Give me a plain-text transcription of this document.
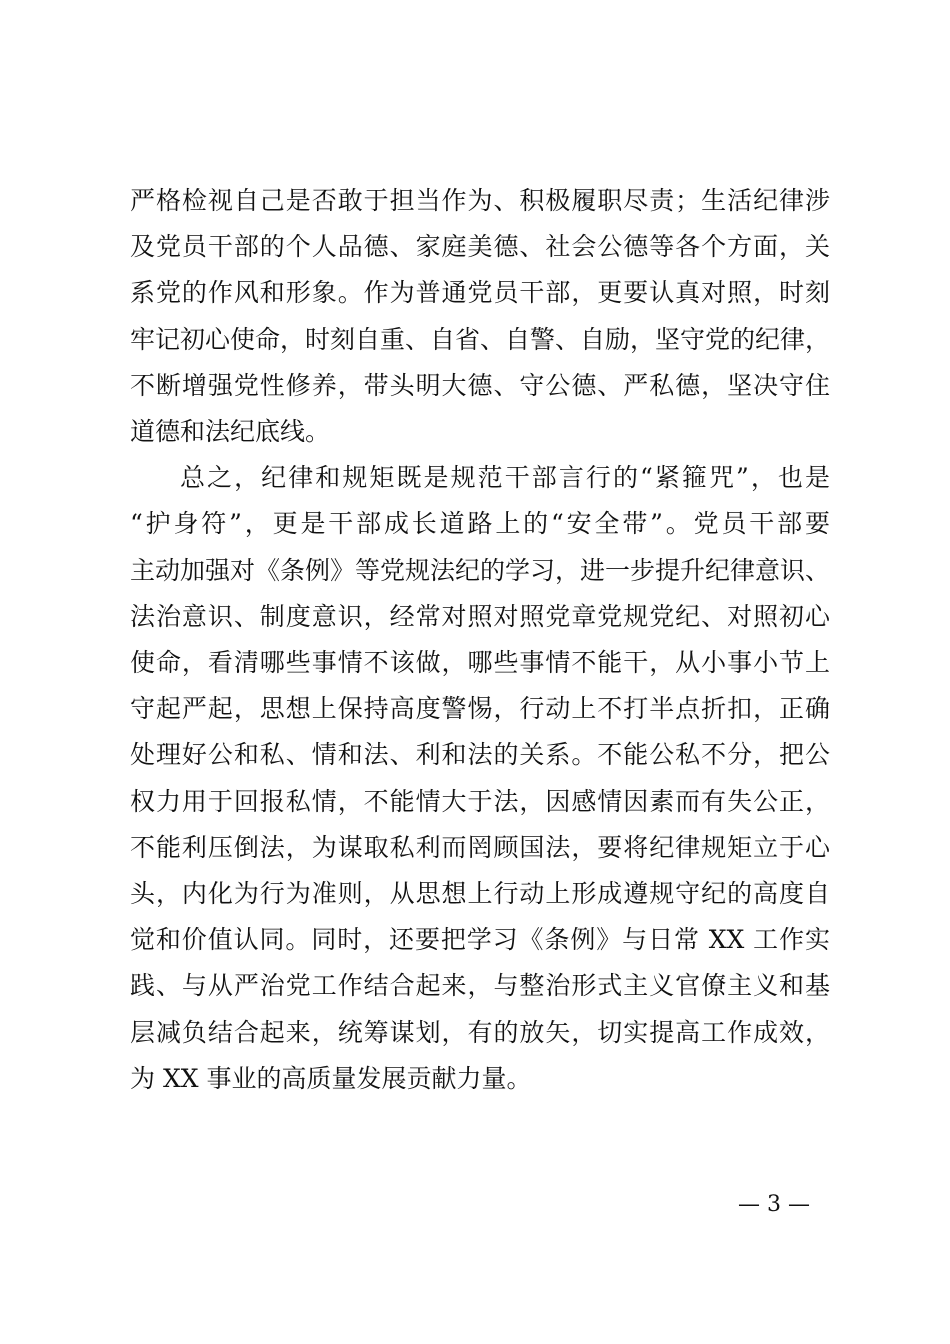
严格检视自己是否敢于担当作为、积极履职尽责；生活纪律涉
及党员干部的个人品德、家庭美德、社会公德等各个方面，关
系党的作风和形象。作为普通党员干部，更要认真对照，时刻
牢记初心使命，时刻自重、自省、自警、自励，坚守党的纪律，
不断增强党性修养，带头明大德、守公德、严私德，坚决守住
道德和法纪底线。
总之，纪律和规矩既是规范干部言行的“紧箍咒”，也是
“护身符”，更是干部成长道路上的“安全带”。党员干部要
主动加强对《条例》等党规法纪的学习，进一步提升纪律意识、
法治意识、制度意识，经常对照对照党章党规党纪、对照初心
使命，看清哪些事情不该做，哪些事情不能干，从小事小节上
守起严起，思想上保持高度警惕，行动上不打半点折扣，正确
处理好公和私、情和法、利和法的关系。不能公私不分，把公
权力用于回报私情，不能情大于法，因感情因素而有失公正，
不能利压倒法，为谋取私利而罔顾国法，要将纪律规矩立于心
头，内化为行为准则，从思想上行动上形成遵规守纪的高度自
觉和价值认同。同时，还要把学习《条例》与日常 XX 工作实
践、与从严治党工作结合起来，与整治形式主义官僚主义和基
层减负结合起来，统筹谋划，有的放矢，切实提高工作成效，
为 XX 事业的高质量发展贡献力量。
— 3 —
